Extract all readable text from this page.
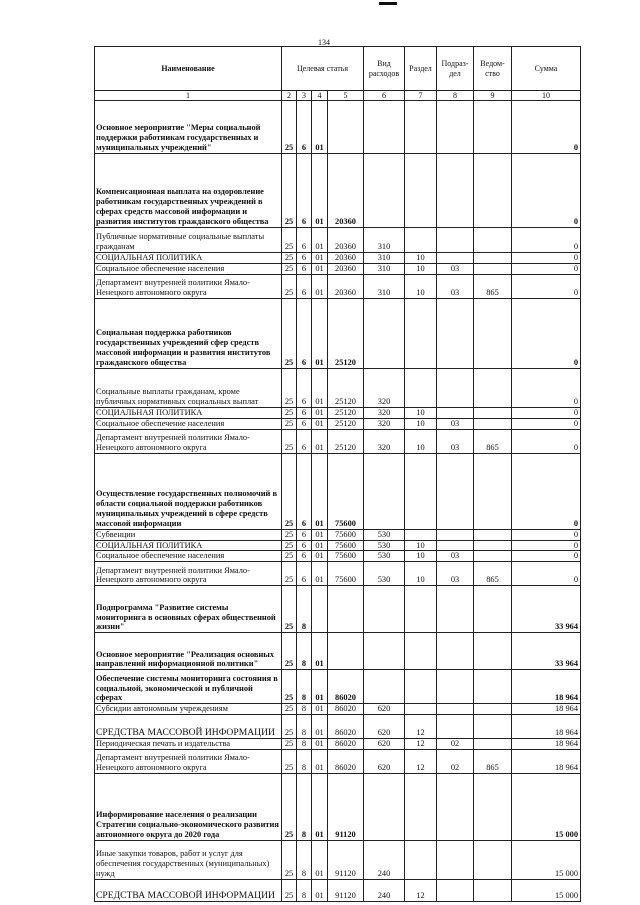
134
Наименование	Целевая статья				Вид расходов	Раздел	Подраз-дел	Ведом-ство	Сумма
1	2	3	4	5	6	7	8	9	10
Основное мероприятие "Меры социальной поддержки работникам государственных и муниципальных учреждений"	25	6	01						0
Компенсационная выплата на оздоровление работникам государственных учреждений в сферах средств массовой информации и развития институтов гражданского общества	25	6	01	20360					0
Публичные нормативные социальные выплаты гражданам	25	6	01	20360	310				0
СОЦИАЛЬНАЯ ПОЛИТИКА	25	6	01	20360	310	10			0
Социальное обеспечение населения	25	6	01	20360	310	10	03		0
Департамент внутренней политики Ямало-Ненецкого автономного округа	25	6	01	20360	310	10	03	865	0
Социальная поддержка работников государственных учреждений сфер средств массовой информации и развития институтов гражданского общества	25	6	01	25120					0
Социальные выплаты гражданам, кроме публичных нормативных социальных выплат	25	6	01	25120	320				0
СОЦИАЛЬНАЯ ПОЛИТИКА	25	6	01	25120	320	10			0
Социальное обеспечение населения	25	6	01	25120	320	10	03		0
Департамент внутренней политики Ямало-Ненецкого автономного округа	25	6	01	25120	320	10	03	865	0
Осуществление государственных полномочий в области социальной поддержки работников муниципальных учреждений в сфере средств массовой информации	25	6	01	75600					0
Субвенции	25	6	01	75600	530				0
СОЦИАЛЬНАЯ ПОЛИТИКА	25	6	01	75600	530	10			0
Социальное обеспечение населения	25	6	01	75600	530	10	03		0
Департамент внутренней политики Ямало-Ненецкого автономного округа	25	6	01	75600	530	10	03	865	0
Подпрограмма "Развитие системы мониторинга в основных сферах общественной жизни"	25	8							33 964
Основное мероприятие "Реализация основных направлений информационной политики"	25	8	01						33 964
Обеспечение системы мониторинга состояния в социальной, экономической и публичной сферах	25	8	01	86020					18 964
Субсидии автономным учреждениям	25	8	01	86020	620				18 964
СРЕДСТВА МАССОВОЙ ИНФОРМАЦИИ	25	8	01	86020	620	12			18 964
Периодическая печать и издательства	25	8	01	86020	620	12	02		18 964
Департамент внутренней политики Ямало-Ненецкого автономного округа	25	8	01	86020	620	12	02	865	18 964
Информирование населения о реализации Стратегии социально-экономического развития автономного округа до 2020 года	25	8	01	91120					15 000
Иные закупки товаров, работ и услуг для обеспечения государственных (муниципальных) нужд	25	8	01	91120	240				15 000
СРЕДСТВА МАССОВОЙ ИНФОРМАЦИИ	25	8	01	91120	240	12			15 000
